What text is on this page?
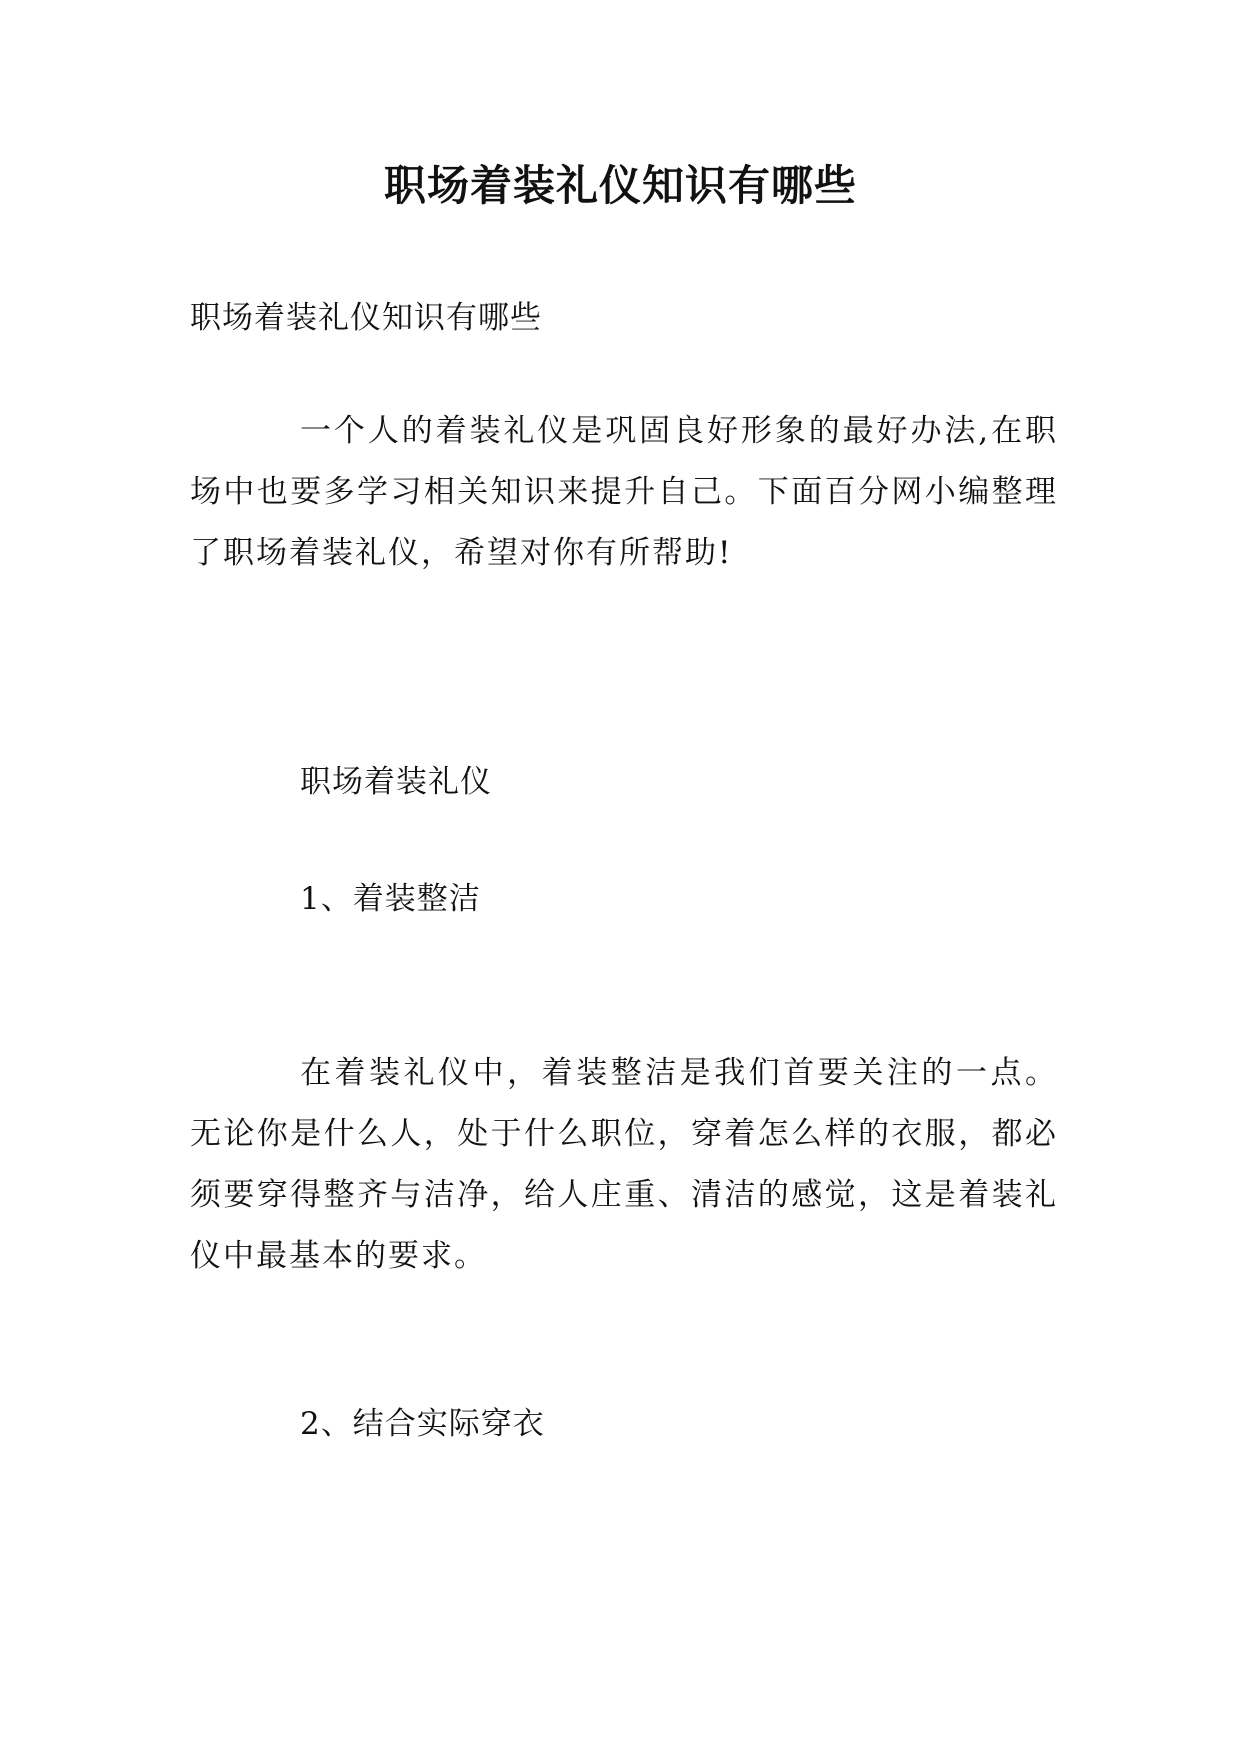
职场着装礼仪知识有哪些

职场着装礼仪知识有哪些

一个人的着装礼仪是巩固良好形象的最好办法,在职场中也要多学习相关知识来提升自己。下面百分网小编整理了职场着装礼仪，希望对你有所帮助!

职场着装礼仪

1、着装整洁

在着装礼仪中，着装整洁是我们首要关注的一点。无论你是什么人，处于什么职位，穿着怎么样的衣服，都必须要穿得整齐与洁净，给人庄重、清洁的感觉，这是着装礼仪中最基本的要求。

2、结合实际穿衣
